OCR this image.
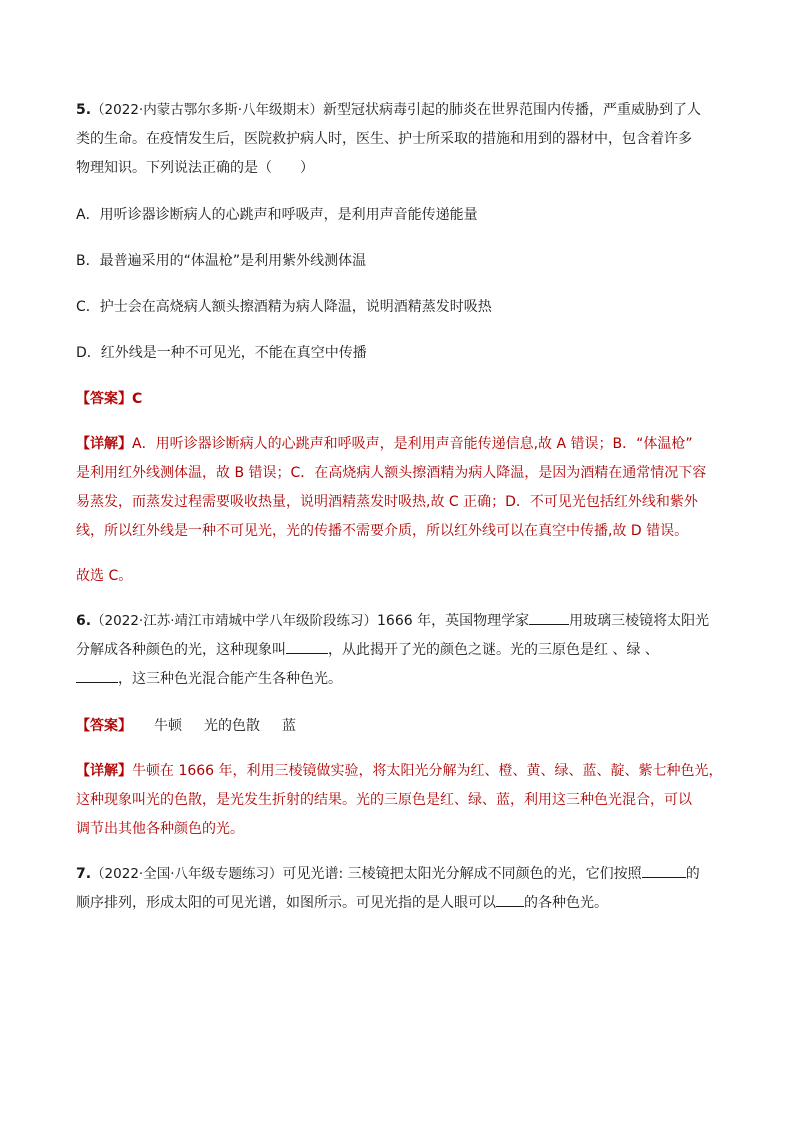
5.（2022·内蒙古鄂尔多斯·八年级期末）新型冠状病毒引起的肺炎在世界范围内传播，严重威胁到了人
类的生命。在疫情发生后，医院救护病人时，医生、护士所采取的措施和用到的器材中，包含着许多
物理知识。下列说法正确的是（　　）

A．用听诊器诊断病人的心跳声和呼吸声，是利用声音能传递能量

B．最普遍采用的“体温枪”是利用紫外线测体温

C．护士会在高烧病人额头擦酒精为病人降温，说明酒精蒸发时吸热

D．红外线是一种不可见光，不能在真空中传播

【答案】C

【详解】A．用听诊器诊断病人的心跳声和呼吸声，是利用声音能传递信息,故 A 错误；B．“体温枪”
是利用红外线测体温，故 B 错误；C．在高烧病人额头擦酒精为病人降温，是因为酒精在通常情况下容
易蒸发，而蒸发过程需要吸收热量，说明酒精蒸发时吸热,故 C 正确；D．不可见光包括红外线和紫外
线，所以红外线是一种不可见光，光的传播不需要介质，所以红外线可以在真空中传播,故 D 错误。

故选 C。

6.（2022·江苏·靖江市靖城中学八年级阶段练习）1666 年，英国物理学家	用玻璃三棱镜将太阳光
分解成各种颜色的光，这种现象叫	，从此揭开了光的颜色之谜。光的三原色是红 、绿 、
，这三种色光混合能产生各种色光。

【答案】 牛顿 光的色散 蓝

【详解】牛顿在 1666 年，利用三棱镜做实验，将太阳光分解为红、橙、黄、绿、蓝、靛、紫七种色光，
这种现象叫光的色散，是光发生折射的结果。光的三原色是红、绿、蓝，利用这三种色光混合，可以
调节出其他各种颜色的光。

7.（2022·全国·八年级专题练习）可见光谱: 三棱镜把太阳光分解成不同颜色的光，它们按照	的
顺序排列，形成太阳的可见光谱，如图所示。可见光指的是人眼可以 的各种色光。
